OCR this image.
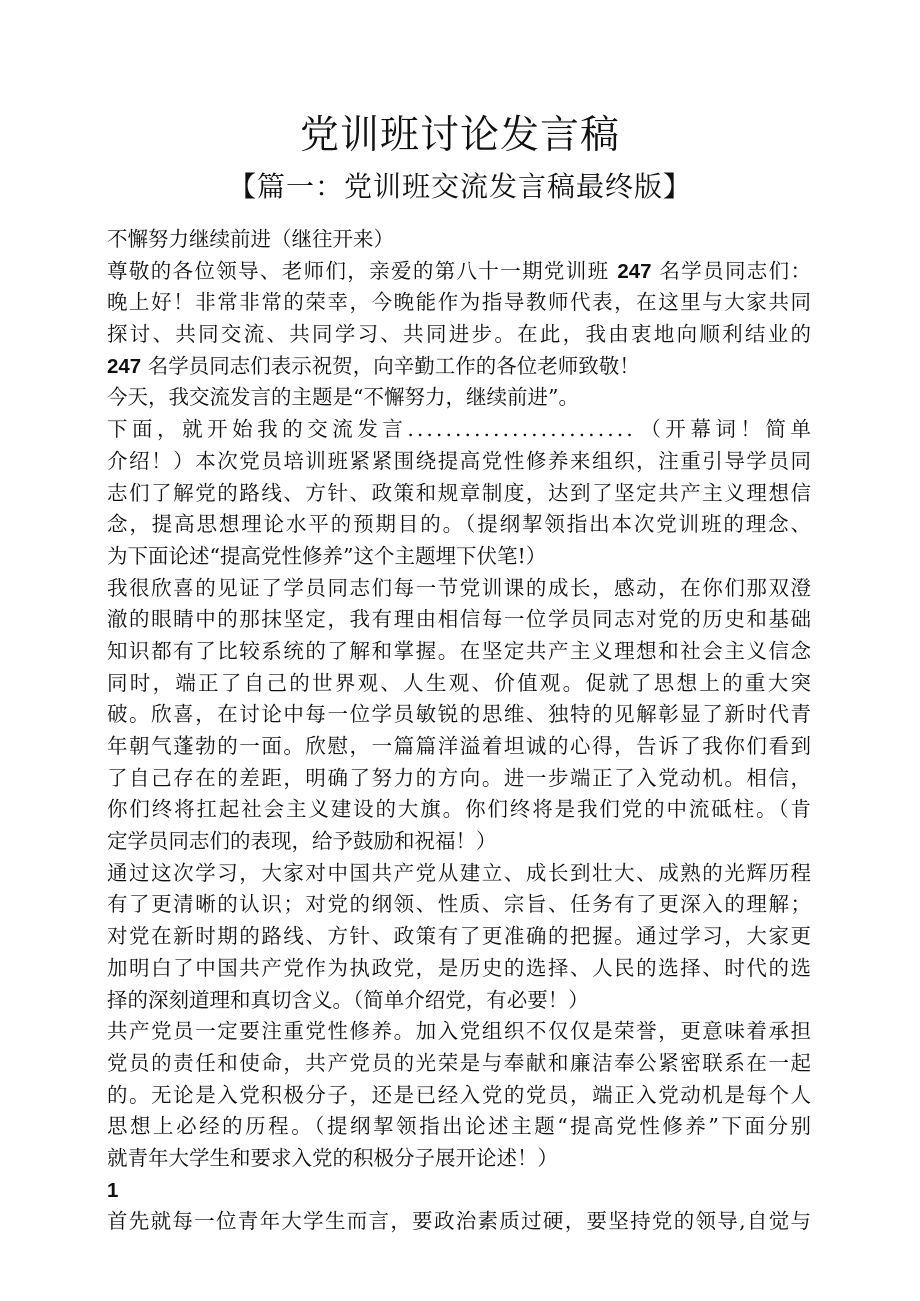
党训班讨论发言稿
【篇一：党训班交流发言稿最终版】
不懈努力继续前进（继往开来）
尊敬的各位领导、老师们，亲爱的第八十一期党训班 247 名学员同志们：
晚上好！非常非常的荣幸，今晚能作为指导教师代表，在这里与大家共同
探讨、共同交流、共同学习、共同进步。在此，我由衷地向顺利结业的
247 名学员同志们表示祝贺，向辛勤工作的各位老师致敬！
今天，我交流发言的主题是“不懈努力，继续前进”。
下面，就开始我的交流发言........................（开幕词！简单
介绍！）本次党员培训班紧紧围绕提高党性修养来组织，注重引导学员同
志们了解党的路线、方针、政策和规章制度，达到了坚定共产主义理想信
念，提高思想理论水平的预期目的。（提纲挈领指出本次党训班的理念、
为下面论述“提高党性修养”这个主题埋下伏笔!）
我很欣喜的见证了学员同志们每一节党训课的成长，感动，在你们那双澄
澈的眼睛中的那抹坚定，我有理由相信每一位学员同志对党的历史和基础
知识都有了比较系统的了解和掌握。在坚定共产主义理想和社会主义信念
同时，端正了自己的世界观、人生观、价值观。促就了思想上的重大突
破。欣喜，在讨论中每一位学员敏锐的思维、独特的见解彰显了新时代青
年朝气蓬勃的一面。欣慰，一篇篇洋溢着坦诚的心得，告诉了我你们看到
了自己存在的差距，明确了努力的方向。进一步端正了入党动机。相信，
你们终将扛起社会主义建设的大旗。你们终将是我们党的中流砥柱。（肯
定学员同志们的表现，给予鼓励和祝福！）
通过这次学习，大家对中国共产党从建立、成长到壮大、成熟的光辉历程
有了更清晰的认识；对党的纲领、性质、宗旨、任务有了更深入的理解；
对党在新时期的路线、方针、政策有了更准确的把握。通过学习，大家更
加明白了中国共产党作为执政党，是历史的选择、人民的选择、时代的选
择的深刻道理和真切含义。（简单介绍党，有必要！）
共产党员一定要注重党性修养。加入党组织不仅仅是荣誉，更意味着承担
党员的责任和使命，共产党员的光荣是与奉献和廉洁奉公紧密联系在一起
的。无论是入党积极分子，还是已经入党的党员，端正入党动机是每个人
思想上必经的历程。（提纲挈领指出论述主题“提高党性修养”下面分别
就青年大学生和要求入党的积极分子展开论述！）
1
首先就每一位青年大学生而言，要政治素质过硬，要坚持党的领导,自觉与
